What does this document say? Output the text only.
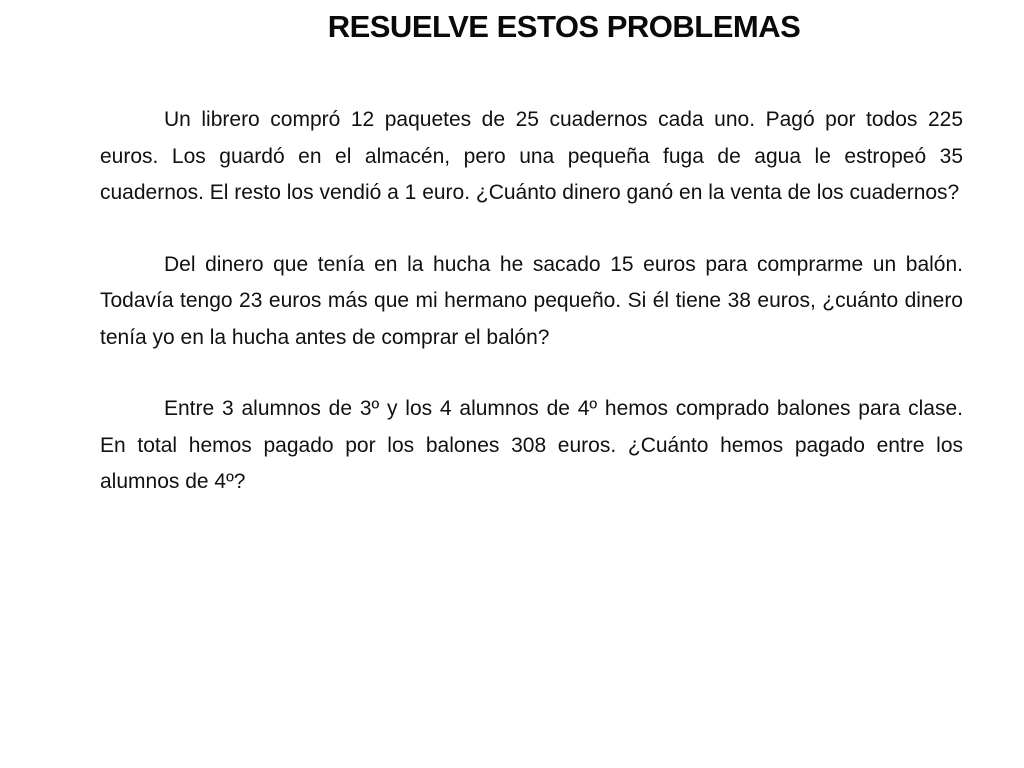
RESUELVE ESTOS PROBLEMAS

Un librero compró 12 paquetes de 25 cuadernos cada uno. Pagó por todos 225 euros. Los guardó en el almacén, pero una pequeña fuga de agua le estropeó 35 cuadernos. El resto los vendió a 1 euro. ¿Cuánto dinero ganó en la venta de los cuadernos?

Del dinero que tenía en la hucha he sacado 15 euros para comprarme un balón. Todavía tengo 23 euros más que mi hermano pequeño. Si él tiene 38 euros, ¿cuánto dinero tenía yo en la hucha antes de comprar el balón?

Entre 3 alumnos de 3º y los 4 alumnos de 4º hemos comprado balones para clase. En total hemos pagado por los balones 308 euros. ¿Cuánto hemos pagado entre los alumnos de 4º?
